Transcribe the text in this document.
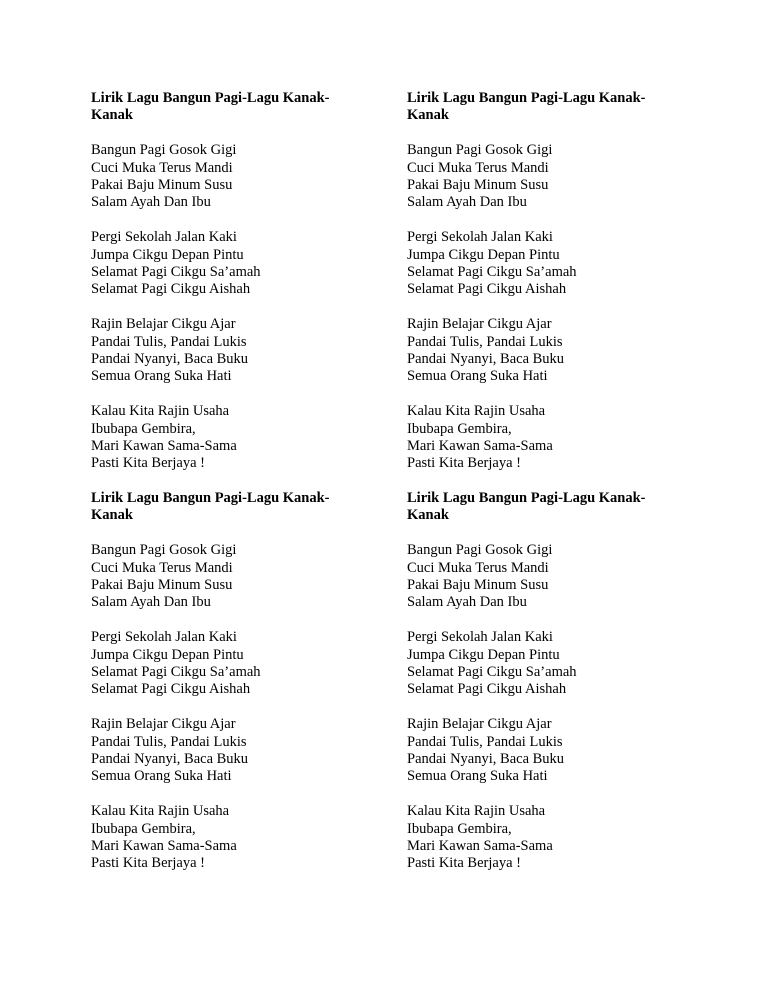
Lirik Lagu Bangun Pagi-Lagu Kanak-
Kanak
Bangun Pagi Gosok Gigi
Cuci Muka Terus Mandi
Pakai Baju Minum Susu
Salam Ayah Dan Ibu
Pergi Sekolah Jalan Kaki
Jumpa Cikgu Depan Pintu
Selamat Pagi Cikgu Sa’amah
Selamat Pagi Cikgu Aishah
Rajin Belajar Cikgu Ajar
Pandai Tulis, Pandai Lukis
Pandai Nyanyi, Baca Buku
Semua Orang Suka Hati
Kalau Kita Rajin Usaha
Ibubapa Gembira,
Mari Kawan Sama-Sama
Pasti Kita Berjaya !
Lirik Lagu Bangun Pagi-Lagu Kanak-
Kanak
Bangun Pagi Gosok Gigi
Cuci Muka Terus Mandi
Pakai Baju Minum Susu
Salam Ayah Dan Ibu
Pergi Sekolah Jalan Kaki
Jumpa Cikgu Depan Pintu
Selamat Pagi Cikgu Sa’amah
Selamat Pagi Cikgu Aishah
Rajin Belajar Cikgu Ajar
Pandai Tulis, Pandai Lukis
Pandai Nyanyi, Baca Buku
Semua Orang Suka Hati
Kalau Kita Rajin Usaha
Ibubapa Gembira,
Mari Kawan Sama-Sama
Pasti Kita Berjaya !
Lirik Lagu Bangun Pagi-Lagu Kanak-
Kanak
Bangun Pagi Gosok Gigi
Cuci Muka Terus Mandi
Pakai Baju Minum Susu
Salam Ayah Dan Ibu
Pergi Sekolah Jalan Kaki
Jumpa Cikgu Depan Pintu
Selamat Pagi Cikgu Sa’amah
Selamat Pagi Cikgu Aishah
Rajin Belajar Cikgu Ajar
Pandai Tulis, Pandai Lukis
Pandai Nyanyi, Baca Buku
Semua Orang Suka Hati
Kalau Kita Rajin Usaha
Ibubapa Gembira,
Mari Kawan Sama-Sama
Pasti Kita Berjaya !
Lirik Lagu Bangun Pagi-Lagu Kanak-
Kanak
Bangun Pagi Gosok Gigi
Cuci Muka Terus Mandi
Pakai Baju Minum Susu
Salam Ayah Dan Ibu
Pergi Sekolah Jalan Kaki
Jumpa Cikgu Depan Pintu
Selamat Pagi Cikgu Sa’amah
Selamat Pagi Cikgu Aishah
Rajin Belajar Cikgu Ajar
Pandai Tulis, Pandai Lukis
Pandai Nyanyi, Baca Buku
Semua Orang Suka Hati
Kalau Kita Rajin Usaha
Ibubapa Gembira,
Mari Kawan Sama-Sama
Pasti Kita Berjaya !
